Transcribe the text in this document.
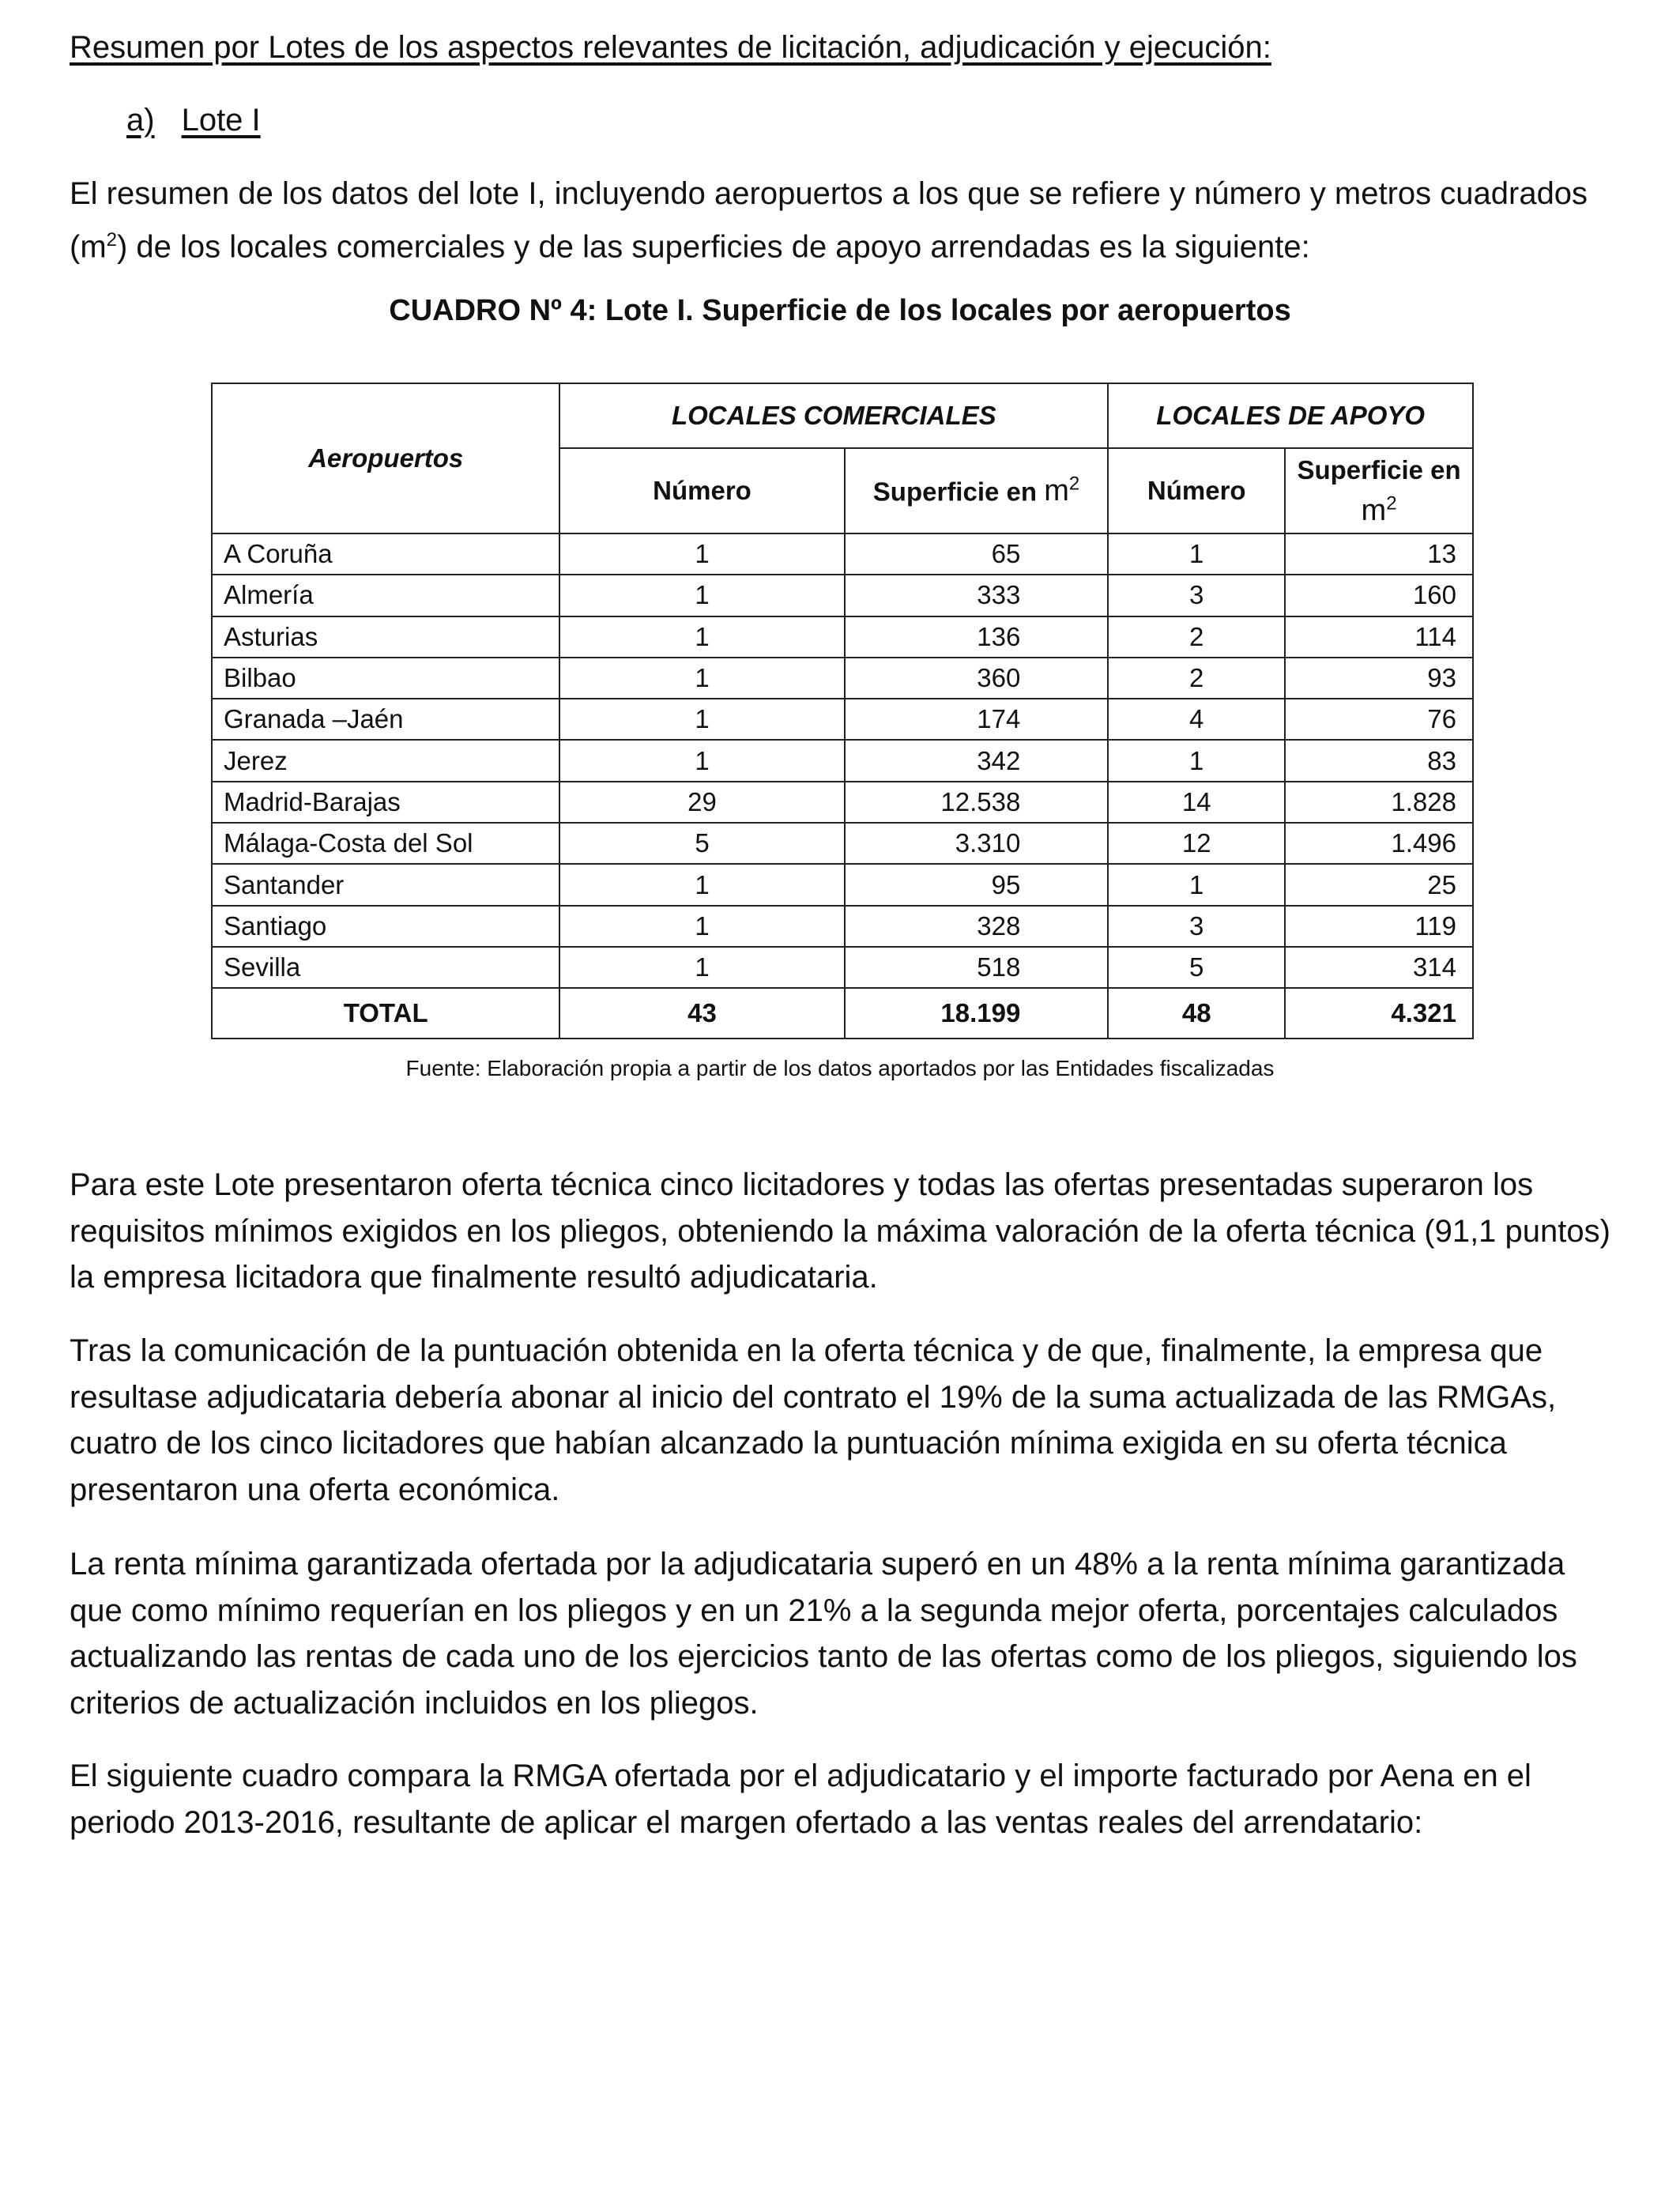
Resumen por Lotes de los aspectos relevantes de licitación, adjudicación y ejecución:
a) Lote I

El resumen de los datos del lote I, incluyendo aeropuertos a los que se refiere y número y metros cuadrados $(m^2)$ de los locales comerciales y de las superficies de apoyo arrendadas es la siguiente:

CUADRO Nº 4: Lote I. Superficie de los locales por aeropuertos
Aeropuertos	LOCALES COMERCIALES		LOCALES DE APOYO	
	Número	Superficie en $m^2$	Número	Superficie en
$m^2$
A Coruña	1	65	1	13
Almería	1	333	3	160
Asturias	1	136	2	114
Bilbao	1	360	2	93
Granada –Jaén	1	174	4	76
Jerez	1	342	1	83
Madrid-Barajas	29	12.538	14	1.828
Málaga-Costa del Sol	5	3.310	12	1.496
Santander	1	95	1	25
Santiago	1	328	3	119
Sevilla	1	518	5	314
TOTAL	43	18.199	48	4.321
Fuente: Elaboración propia a partir de los datos aportados por las Entidades fiscalizadas

Para este Lote presentaron oferta técnica cinco licitadores y todas las ofertas presentadas superaron los requisitos mínimos exigidos en los pliegos, obteniendo la máxima valoración de la oferta técnica (91,1 puntos) la empresa licitadora que finalmente resultó adjudicataria.

Tras la comunicación de la puntuación obtenida en la oferta técnica y de que, finalmente, la empresa que resultase adjudicataria debería abonar al inicio del contrato el 19% de la suma actualizada de las RMGAs, cuatro de los cinco licitadores que habían alcanzado la puntuación mínima exigida en su oferta técnica presentaron una oferta económica.

La renta mínima garantizada ofertada por la adjudicataria superó en un 48% a la renta mínima garantizada que como mínimo requerían en los pliegos y en un 21% a la segunda mejor oferta, porcentajes calculados actualizando las rentas de cada uno de los ejercicios tanto de las ofertas como de los pliegos, siguiendo los criterios de actualización incluidos en los pliegos.

El siguiente cuadro compara la RMGA ofertada por el adjudicatario y el importe facturado por Aena en el periodo 2013-2016, resultante de aplicar el margen ofertado a las ventas reales del arrendatario:
